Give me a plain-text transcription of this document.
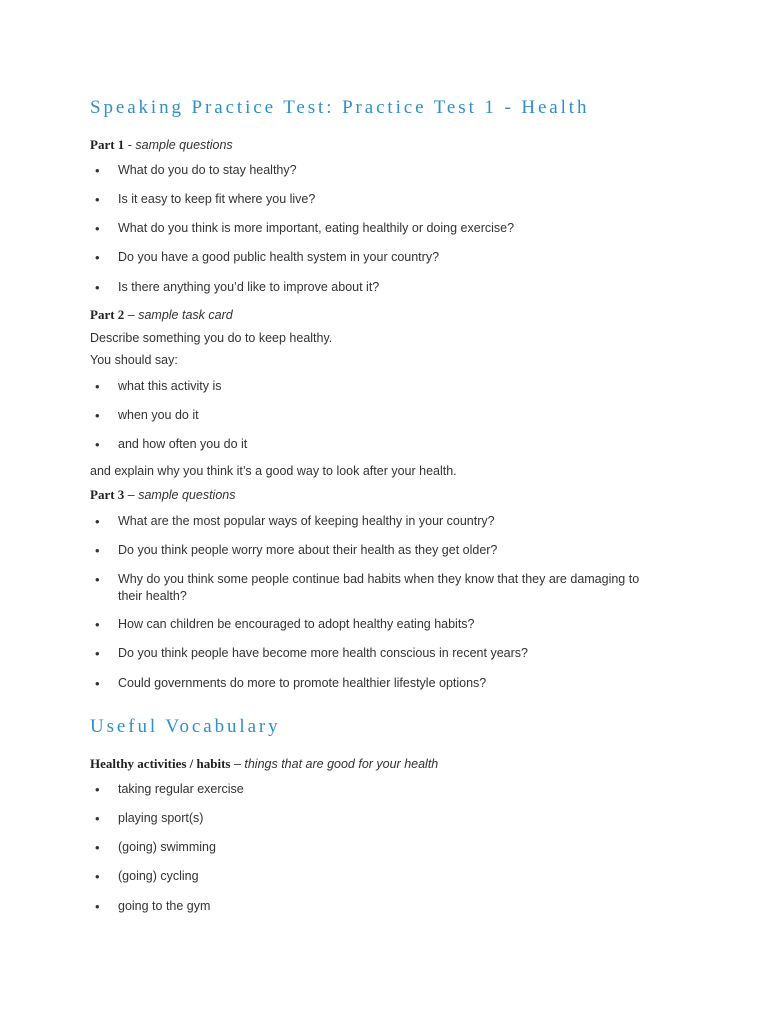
Speaking Practice Test: Practice Test 1 - Health
Part 1 - sample questions
• What do you do to stay healthy?
• Is it easy to keep fit where you live?
• What do you think is more important, eating healthily or doing exercise?
• Do you have a good public health system in your country?
• Is there anything you’d like to improve about it?
Part 2 – sample task card
Describe something you do to keep healthy.
You should say:
• what this activity is
• when you do it
• and how often you do it
and explain why you think it’s a good way to look after your health.
Part 3 – sample questions
• What are the most popular ways of keeping healthy in your country?
• Do you think people worry more about their health as they get older?
• Why do you think some people continue bad habits when they know that they are damaging to their health?
• How can children be encouraged to adopt healthy eating habits?
• Do you think people have become more health conscious in recent years?
• Could governments do more to promote healthier lifestyle options?
Useful Vocabulary
Healthy activities / habits – things that are good for your health
• taking regular exercise
• playing sport(s)
• (going) swimming
• (going) cycling
• going to the gym
